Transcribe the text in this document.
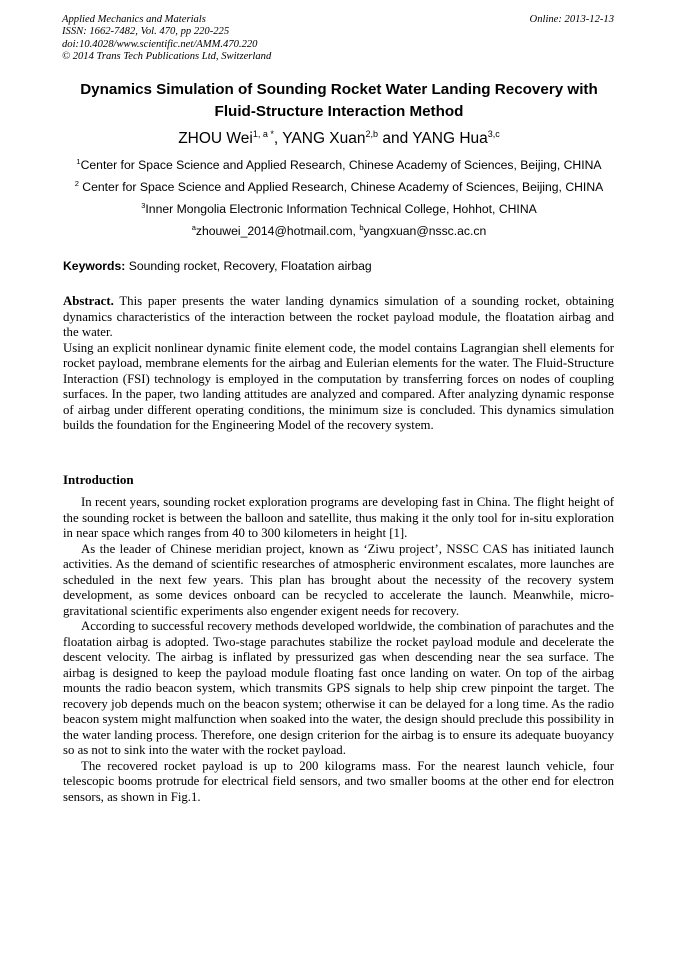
Applied Mechanics and Materials
ISSN: 1662-7482, Vol. 470, pp 220-225
doi:10.4028/www.scientific.net/AMM.470.220
© 2014 Trans Tech Publications Ltd, Switzerland
Online: 2013-12-13
Dynamics Simulation of Sounding Rocket Water Landing Recovery with
Fluid-Structure Interaction Method
ZHOU Wei$^{1, a *}$, YANG Xuan$^{2,b}$ and YANG Hua$^{3,c}$
$^1$Center for Space Science and Applied Research, Chinese Academy of Sciences, Beijing, CHINA
$^2$ Center for Space Science and Applied Research, Chinese Academy of Sciences, Beijing, CHINA
$^3$Inner Mongolia Electronic Information Technical College, Hohhot, CHINA
$^a$zhouwei_2014@hotmail.com, $^b$yangxuan@nssc.ac.cn
Keywords: Sounding rocket, Recovery, Floatation airbag

Abstract. This paper presents the water landing dynamics simulation of a sounding rocket, obtaining dynamics characteristics of the interaction between the rocket payload module, the floatation airbag and the water.

Using an explicit nonlinear dynamic finite element code, the model contains Lagrangian shell elements for rocket payload, membrane elements for the airbag and Eulerian elements for the water. The Fluid-Structure Interaction (FSI) technology is employed in the computation by transferring forces on nodes of coupling surfaces. In the paper, two landing attitudes are analyzed and compared. After analyzing dynamic response of airbag under different operating conditions, the minimum size is concluded. This dynamics simulation builds the foundation for the Engineering Model of the recovery system.

Introduction

In recent years, sounding rocket exploration programs are developing fast in China. The flight height of the sounding rocket is between the balloon and satellite, thus making it the only tool for in-situ exploration in near space which ranges from 40 to 300 kilometers in height [1].

As the leader of Chinese meridian project, known as ‘Ziwu project’, NSSC CAS has initiated launch activities. As the demand of scientific researches of atmospheric environment escalates, more launches are scheduled in the next few years. This plan has brought about the necessity of the recovery system development, as some devices onboard can be recycled to accelerate the launch. Meanwhile, micro-gravitational scientific experiments also engender exigent needs for recovery.

According to successful recovery methods developed worldwide, the combination of parachutes and the floatation airbag is adopted. Two-stage parachutes stabilize the rocket payload module and decelerate the descent velocity. The airbag is inflated by pressurized gas when descending near the sea surface. The airbag is designed to keep the payload module floating fast once landing on water. On top of the airbag mounts the radio beacon system, which transmits GPS signals to help ship crew pinpoint the target. The recovery job depends much on the beacon system; otherwise it can be delayed for a long time. As the radio beacon system might malfunction when soaked into the water, the design should preclude this possibility in the water landing process. Therefore, one design criterion for the airbag is to ensure its adequate buoyancy so as not to sink into the water with the rocket payload.

The recovered rocket payload is up to 200 kilograms mass. For the nearest launch vehicle, four telescopic booms protrude for electrical field sensors, and two smaller booms at the other end for electron sensors, as shown in Fig.1.
